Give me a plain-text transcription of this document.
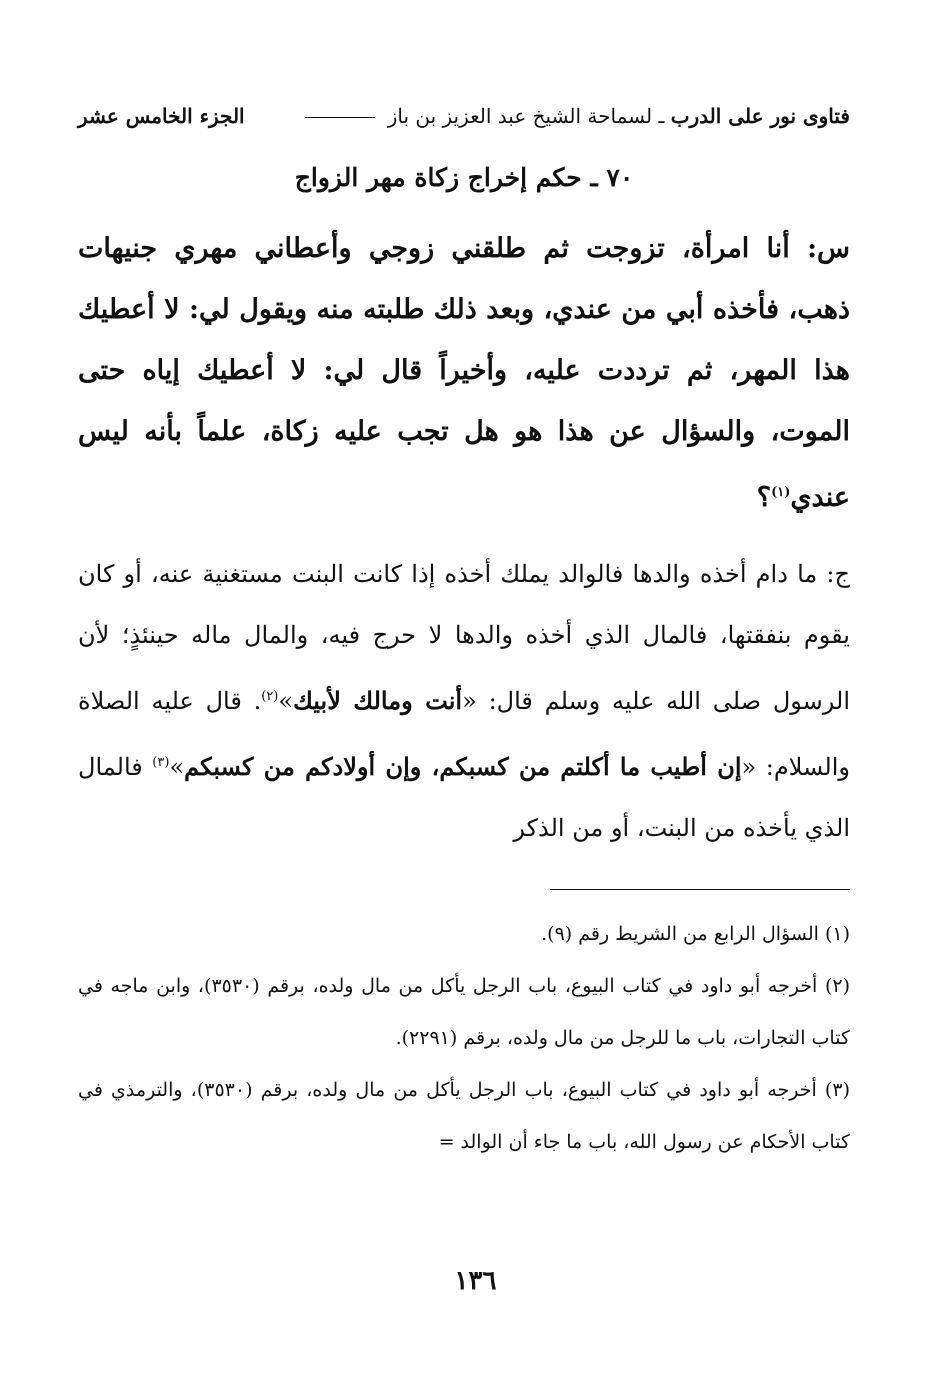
فتاوى نور على الدرب ـ لسماحة الشيخ عبد العزيز بن باز
الجزء الخامس عشر
٧٠ ـ حكم إخراج زكاة مهر الزواج
س: أنا امرأة، تزوجت ثم طلقني زوجي وأعطاني مهري جنيهات ذهب، فأخذه أبي من عندي، وبعد ذلك طلبته منه ويقول لي: لا أعطيك هذا المهر، ثم ترددت عليه، وأخيراً قال لي: لا أعطيك إياه حتى الموت، والسؤال عن هذا هو هل تجب عليه زكاة، علماً بأنه ليس عندي$^{(١)}$؟
ج: ما دام أخذه والدها فالوالد يملك أخذه إذا كانت البنت مستغنية عنه، أو كان يقوم بنفقتها، فالمال الذي أخذه والدها لا حرج فيه، والمال ماله حينئذٍ؛ لأن الرسول صلى الله عليه وسلم قال: «أنت ومالك لأبيك»$^{(٢)}$. قال عليه الصلاة والسلام: «إن أطيب ما أكلتم من كسبكم، وإن أولادكم من كسبكم»$^{(٣)}$ فالمال الذي يأخذه من البنت، أو من الذكر
(١) السؤال الرابع من الشريط رقم (٩).
(٢) أخرجه أبو داود في كتاب البيوع، باب الرجل يأكل من مال ولده، برقم (٣٥٣٠)، وابن ماجه في كتاب التجارات، باب ما للرجل من مال ولده، برقم (٢٢٩١).
(٣) أخرجه أبو داود في كتاب البيوع، باب الرجل يأكل من مال ولده، برقم (٣٥٣٠)، والترمذي في كتاب الأحكام عن رسول الله، باب ما جاء أن الوالد =
١٣٦
